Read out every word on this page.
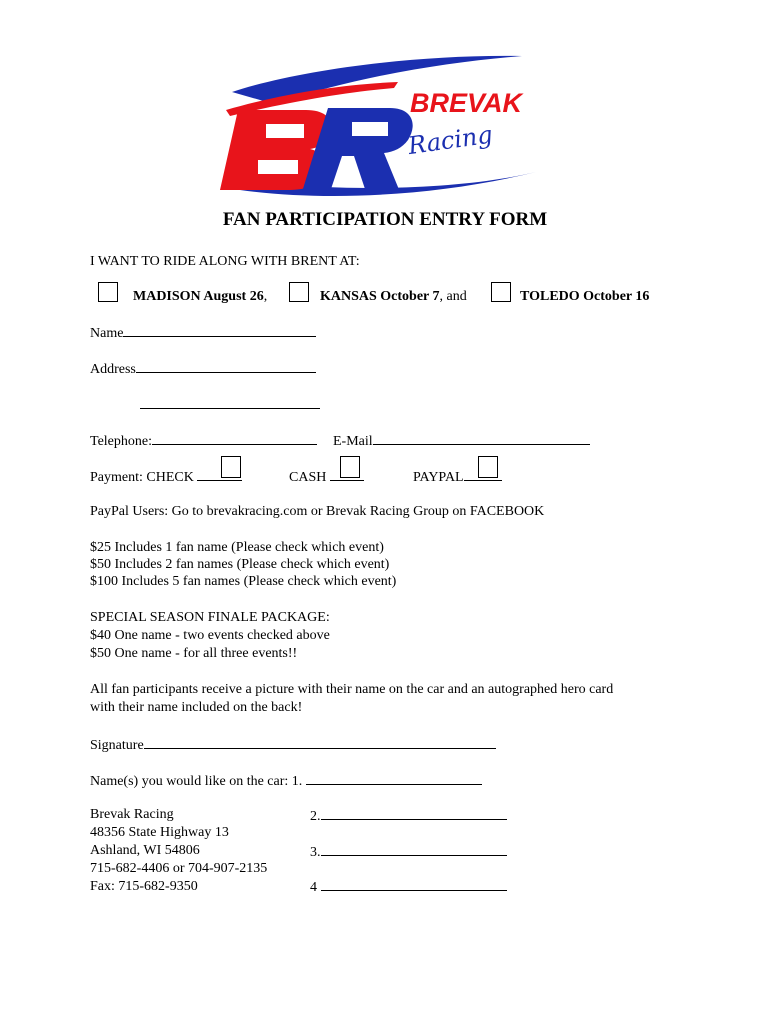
BREVAK
Racing
FAN PARTICIPATION ENTRY FORM
I WANT TO RIDE ALONG WITH BRENT AT:
MADISON August 26,	KANSAS October 7, and	TOLEDO October 16
Name
Address
Telephone:	E-Mail
Payment: CHECK	CASH	PAYPAL
PayPal Users: Go to brevakracing.com or Brevak Racing Group on FACEBOOK
$25 Includes 1 fan name (Please check which event)
$50 Includes 2 fan names (Please check which event)
$100 Includes 5 fan names (Please check which event)
SPECIAL SEASON FINALE PACKAGE:
$40 One name - two events checked above
$50 One name - for all three events!!
All fan participants receive a picture with their name on the car and an autographed hero card
with their name included on the back!
Signature
Name(s) you would like on the car: 1.
2.
3.
4
Brevak Racing
48356 State Highway 13
Ashland, WI 54806
715-682-4406 or 704-907-2135
Fax: 715-682-9350
